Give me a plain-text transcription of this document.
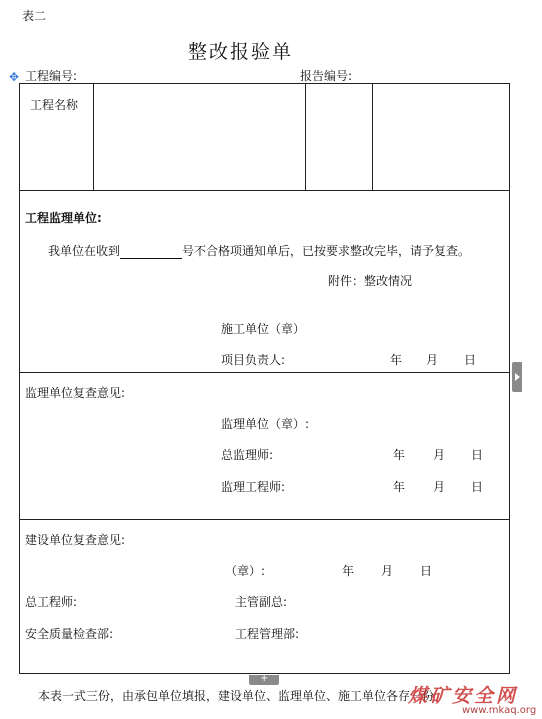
表二
整改报验单
✥ 工程编号:	报告编号:
工程名称
工程监理单位:
我单位在收到	号不合格项通知单后，已按要求整改完毕，请予复查。
附件：整改情况
施工单位（章）
项目负责人:	年 月 日
监理单位复查意见:
监理单位（章）:
总监理师:	年 月 日
监理工程师:	年 月 日
建设单位复查意见:
（章）:	年 月 日
总工程师:	主管副总:
安全质量检查部:	工程管理部:
本表一式三份，由承包单位填报，建设单位、监理单位、施工单位各存一份
+
煤矿安全网
www.mkaq.org
